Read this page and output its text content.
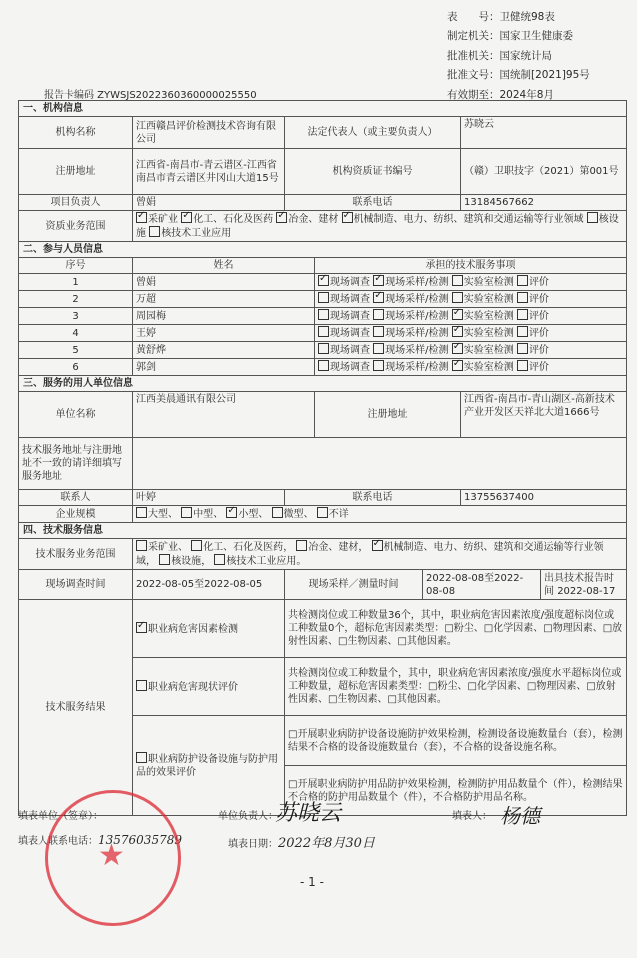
表　　号：卫健统98表
制定机关：国家卫生健康委
批准机关：国家统计局
批准文号：国统制[2021]95号
有效期至：2024年8月
报告卡编码 ZYWSJS2022360360000025550
一、机构信息						
机构名称	江西赣昌评价检测技术咨询有限公司	法定代表人（或主要负责人）			苏晓云	
注册地址	江西省-南昌市-青云谱区-江西省南昌市青云谱区井冈山大道15号	机构资质证书编号			（赣）卫职技字（2021）第001号	
项目负责人	曾娟	联系电话			13184567662	
资质业务范围	✓采矿业 ✓ 化工、石化及医药 ✓ 冶金、建材 ✓ 机械制造、电力、纺织、建筑和交通运输等行业领域 核设施 核技术工业应用
二、参与人员信息						
序号	姓名		承担的技术服务事项			
1	曾娟	✓现场调查 ✓ 现场采样/检测 实验室检测 评价
2	万超		现场调查 ✓ 现场采样/检测 实验室检测 评价
3	周园梅		现场调查 现场采样/检测 ✓ 实验室检测 评价
4	王婷		现场调查 现场采样/检测 ✓ 实验室检测 评价
5	黄舒烨		现场调查 现场采样/检测 ✓ 实验室检测 评价
6	郭剑		现场调查 现场采样/检测 ✓ 实验室检测 评价
三、服务的用人单位信息						
单位名称	江西美晨通讯有限公司		注册地址		江西省-南昌市-青山湖区-高新技术产业开发区天祥北大道1666号	
技术服务地址与注册地址不一致的请详细填写服务地址						
联系人	叶婷	联系电话			13755637400	
企业规模	大型、 中型、 ✓ 小型、 微型、 不详
四、技术服务信息						
技术服务业务范围	采矿业、 化工、石化及医药， 冶金、建材， ✓ 机械制造、电力、纺织、建筑和交通运输等行业领域， 核设施， 核技术工业应用。
现场调查时间	2022-08-05至2022-08-05	现场采样／测量时间		2022-08-08至2022-08-08		出具技术报告时间 2022-08-17
技术服务结果	✓职业病危害因素检测	共检测岗位或工种数量36个，其中，职业病危害因素浓度/强度超标岗位或工种数量0个，超标危害因素类型：□粉尘、□化学因素、□物理因素、□放射性因素、□生物因素、□其他因素。				
	职业病危害现状评价	共检测岗位或工种数量个，其中，职业病危害因素浓度/强度水平超标岗位或工种数量，超标危害因素类型：□粉尘、□化学因素、□物理因素、□放射性因素、□生物因素、□其他因素。				
	职业病防护设备设施与防护用品的效果评价	□开展职业病防护设备设施防护效果检测，检测设备设施数量台（套），检测结果不合格的设备设施数量台（套），不合格的设备设施名称。				
		□开展职业病防护用品防护效果检测，检测防护用品数量个（件），检测结果不合格的防护用品数量个（件），不合格防护用品名称。				
填表单位（签章）：	单位负责人：	填表人：
填表人联系电话：13576035789	填表日期：2022年8月30日
苏晓云	杨德
★
- 1 -
